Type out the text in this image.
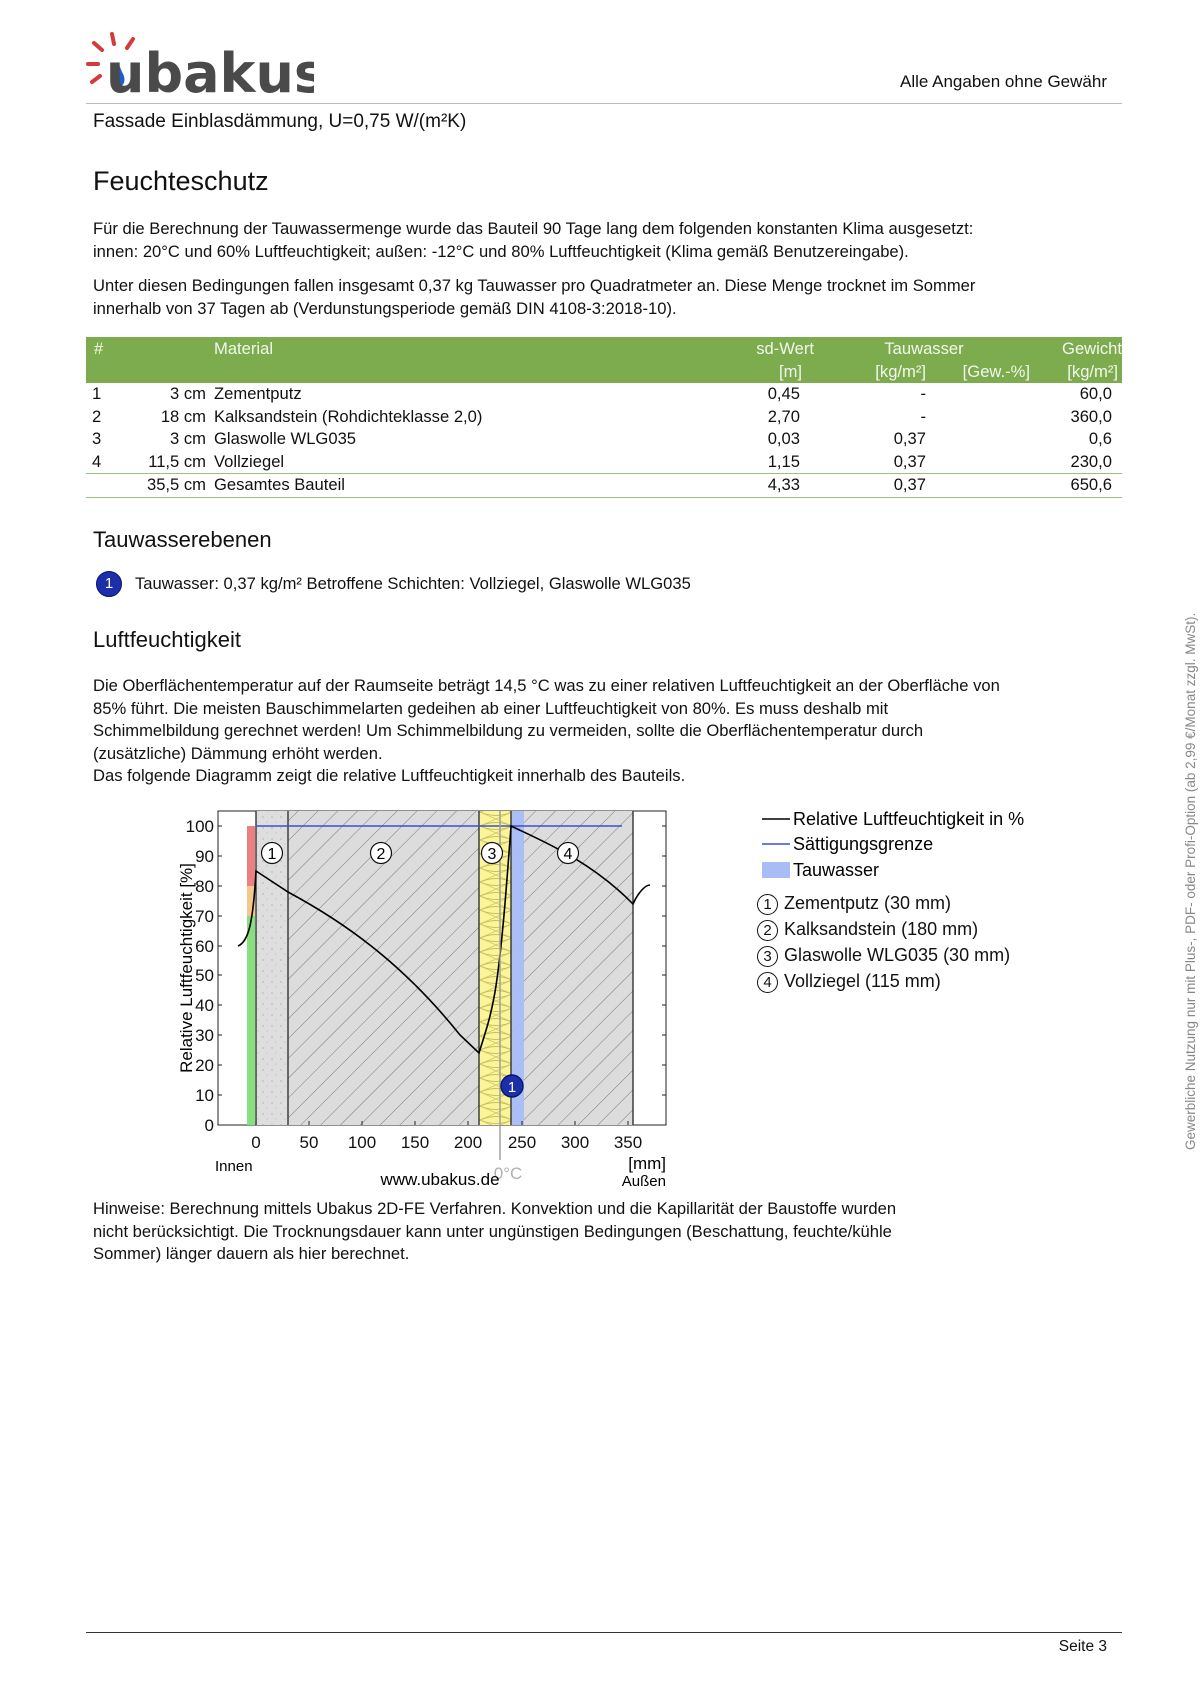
ubakus	Alle Angaben ohne Gewähr
Fassade Einblasdämmung, U=0,75 W/(m²K)
Feuchteschutz
Für die Berechnung der Tauwassermenge wurde das Bauteil 90 Tage lang dem folgenden konstanten Klima ausgesetzt:
innen: 20°C und 60% Luftfeuchtigkeit; außen: -12°C und 80% Luftfeuchtigkeit (Klima gemäß Benutzereingabe).
Unter diesen Bedingungen fallen insgesamt 0,37 kg Tauwasser pro Quadratmeter an. Diese Menge trocknet im Sommer
innerhalb von 37 Tagen ab (Verdunstungsperiode gemäß DIN 4108-3:2018-10).
#			Material	sd-Wert	Tauwasser		Gewicht
				[m]	[kg/m²]	[Gew.-%]	[kg/m²]
1	3 cm		Zementputz	0,45	-		60,0
2	18 cm		Kalksandstein (Rohdichteklasse 2,0)	2,70	-		360,0
3	3 cm		Glaswolle WLG035	0,03	0,37		0,6
4	11,5 cm		Vollziegel	1,15	0,37		230,0
	35,5 cm		Gesamtes Bauteil	4,33	0,37		650,6
Tauwasserebenen
1	Tauwasser: 0,37 kg/m² Betroffene Schichten: Vollziegel, Glaswolle WLG035
Luftfeuchtigkeit
Die Oberflächentemperatur auf der Raumseite beträgt 14,5 °C was zu einer relativen Luftfeuchtigkeit an der Oberfläche von
85% führt. Die meisten Bauschimmelarten gedeihen ab einer Luftfeuchtigkeit von 80%. Es muss deshalb mit
Schimmelbildung gerechnet werden! Um Schimmelbildung zu vermeiden, sollte die Oberflächentemperatur durch
(zusätzliche) Dämmung erhöht werden.
Das folgende Diagramm zeigt die relative Luftfeuchtigkeit innerhalb des Bauteils.
0°C
1	2	3	4
1
0
10
20
30
40
50
60
70
80
90
100
Relative Luftfeuchtigkeit [%]
0 50 100 150 200 250 300 350
[mm]
Innen
Außen
www.ubakus.de
Relative Luftfeuchtigkeit in %
Sättigungsgrenze
Tauwasser
1 Zementputz (30 mm)
2 Kalksandstein (180 mm)
3 Glaswolle WLG035 (30 mm)
4 Vollziegel (115 mm)
Hinweise: Berechnung mittels Ubakus 2D-FE Verfahren. Konvektion und die Kapillarität der Baustoffe wurden
nicht berücksichtigt. Die Trocknungsdauer kann unter ungünstigen Bedingungen (Beschattung, feuchte/kühle
Sommer) länger dauern als hier berechnet.
Gewerbliche Nutzung nur mit Plus-, PDF- oder Profi-Option (ab 2,99 €/Monat zzgl. MwSt).
Seite 3
